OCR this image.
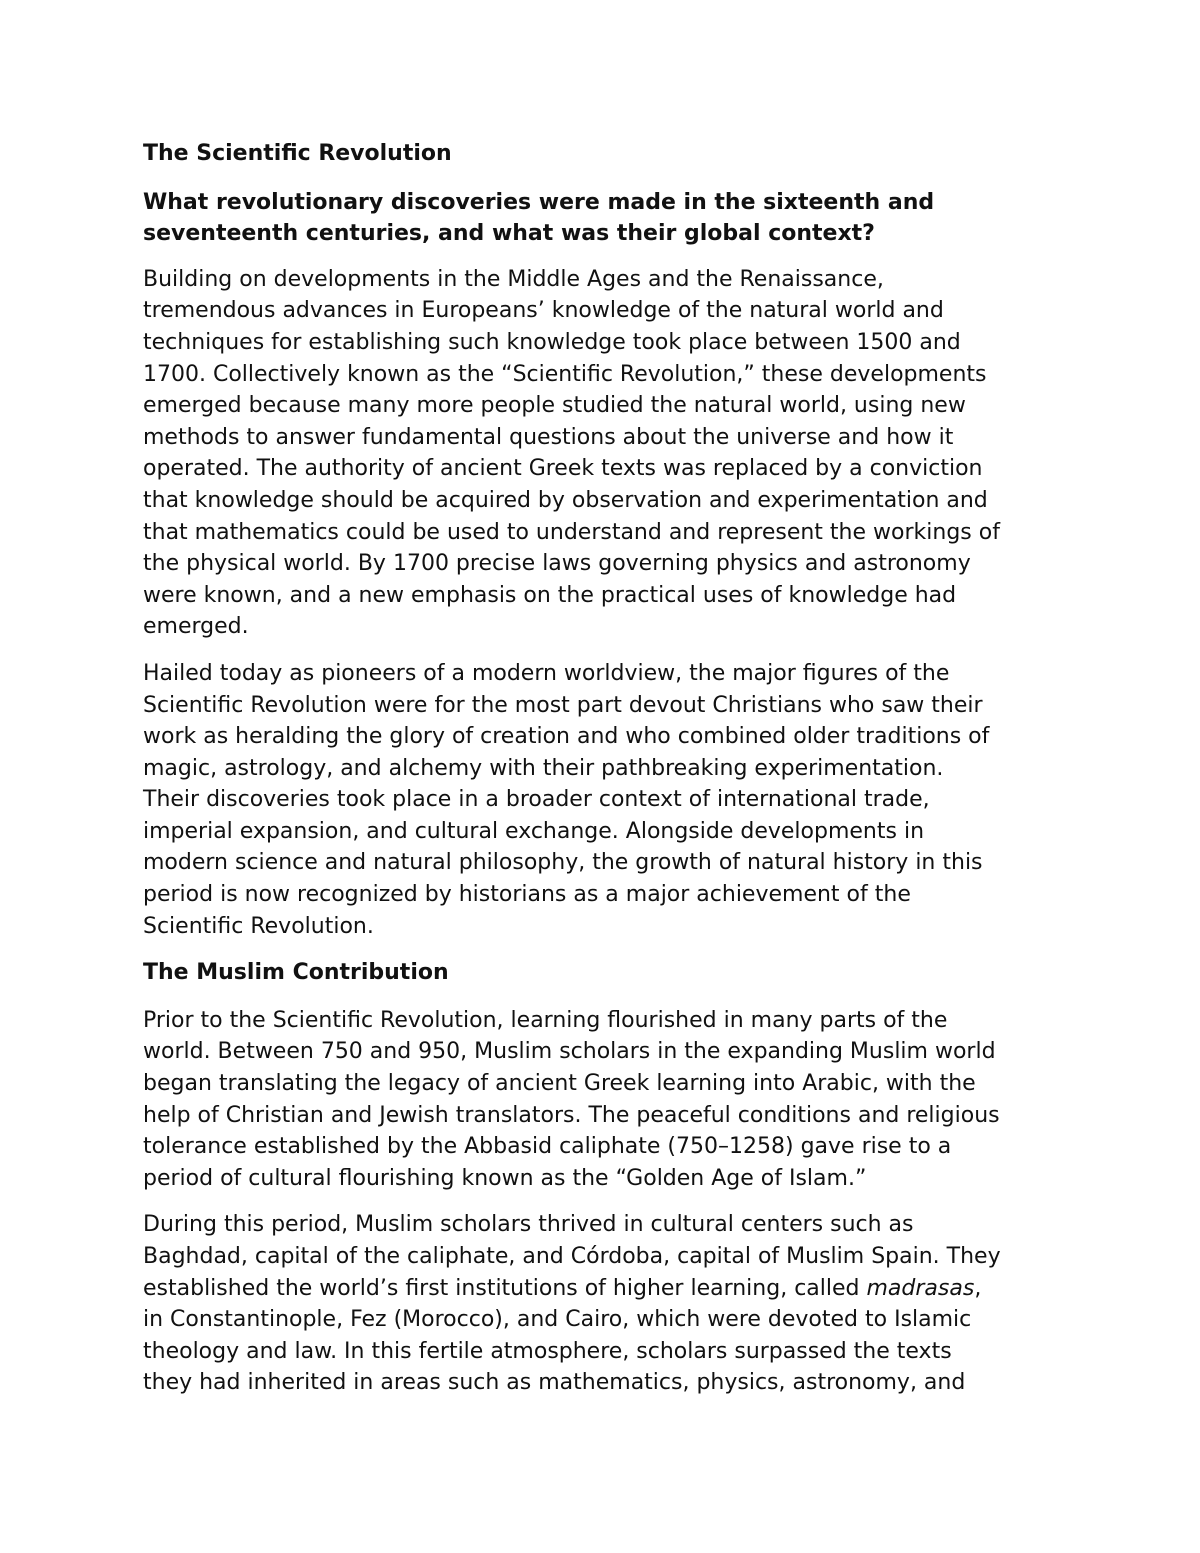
The Scientific Revolution
What revolutionary discoveries were made in the sixteenth and
seventeenth centuries, and what was their global context?
Building on developments in the Middle Ages and the Renaissance,
tremendous advances in Europeans’ knowledge of the natural world and
techniques for establishing such knowledge took place between 1500 and
1700. Collectively known as the “Scientific Revolution,” these developments
emerged because many more people studied the natural world, using new
methods to answer fundamental questions about the universe and how it
operated. The authority of ancient Greek texts was replaced by a conviction
that knowledge should be acquired by observation and experimentation and
that mathematics could be used to understand and represent the workings of
the physical world. By 1700 precise laws governing physics and astronomy
were known, and a new emphasis on the practical uses of knowledge had
emerged.
Hailed today as pioneers of a modern worldview, the major figures of the
Scientific Revolution were for the most part devout Christians who saw their
work as heralding the glory of creation and who combined older traditions of
magic, astrology, and alchemy with their pathbreaking experimentation.
Their discoveries took place in a broader context of international trade,
imperial expansion, and cultural exchange. Alongside developments in
modern science and natural philosophy, the growth of natural history in this
period is now recognized by historians as a major achievement of the
Scientific Revolution.
The Muslim Contribution
Prior to the Scientific Revolution, learning flourished in many parts of the
world. Between 750 and 950, Muslim scholars in the expanding Muslim world
began translating the legacy of ancient Greek learning into Arabic, with the
help of Christian and Jewish translators. The peaceful conditions and religious
tolerance established by the Abbasid caliphate (750–1258) gave rise to a
period of cultural flourishing known as the “Golden Age of Islam.”
During this period, Muslim scholars thrived in cultural centers such as
Baghdad, capital of the caliphate, and Córdoba, capital of Muslim Spain. They
established the world’s first institutions of higher learning, called madrasas,
in Constantinople, Fez (Morocco), and Cairo, which were devoted to Islamic
theology and law. In this fertile atmosphere, scholars surpassed the texts
they had inherited in areas such as mathematics, physics, astronomy, and
